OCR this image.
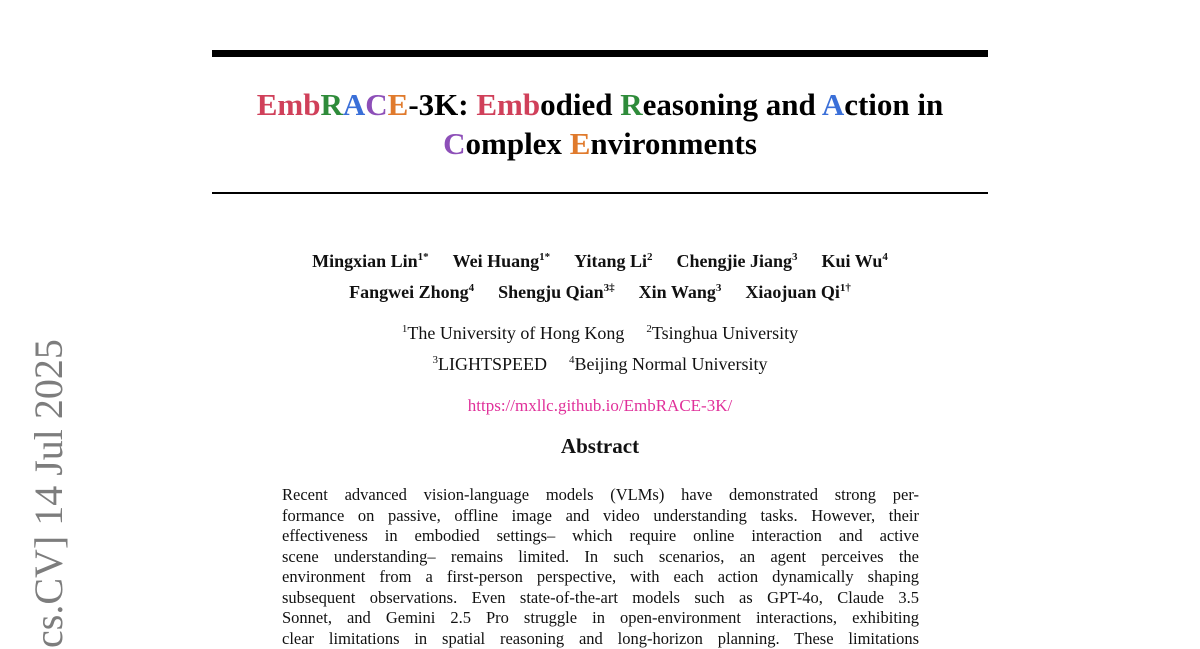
EmbRACE-3K: Embodied Reasoning and Action in
Complex Environments
Mingxian Lin$^{1*}$ Wei Huang$^{1*}$ Yitang Li$^2$ Chengjie Jiang$^3$ Kui Wu$^4$
Fangwei Zhong$^4$ Shengju Qian$^{3\ddagger}$ Xin Wang$^3$ Xiaojuan $Qi^{1\dagger}$
$^1$The University of Hong Kong $^2$Tsinghua University
$^3$LIGHTSPEED $^4$Beijing Normal University
https://mxllc.github.io/EmbRACE-3K/
Abstract
Recent advanced vision-language models (VLMs) have demonstrated strong per-
formance on passive, offline image and video understanding tasks. However, their
effectiveness in embodied settings– which require online interaction and active
scene understanding– remains limited. In such scenarios, an agent perceives the
environment from a first-person perspective, with each action dynamically shaping
subsequent observations. Even state-of-the-art models such as GPT-4o, Claude 3.5
Sonnet, and Gemini 2.5 Pro struggle in open-environment interactions, exhibiting
clear limitations in spatial reasoning and long-horizon planning. These limitations
cs.CV] 14 Jul 2025
